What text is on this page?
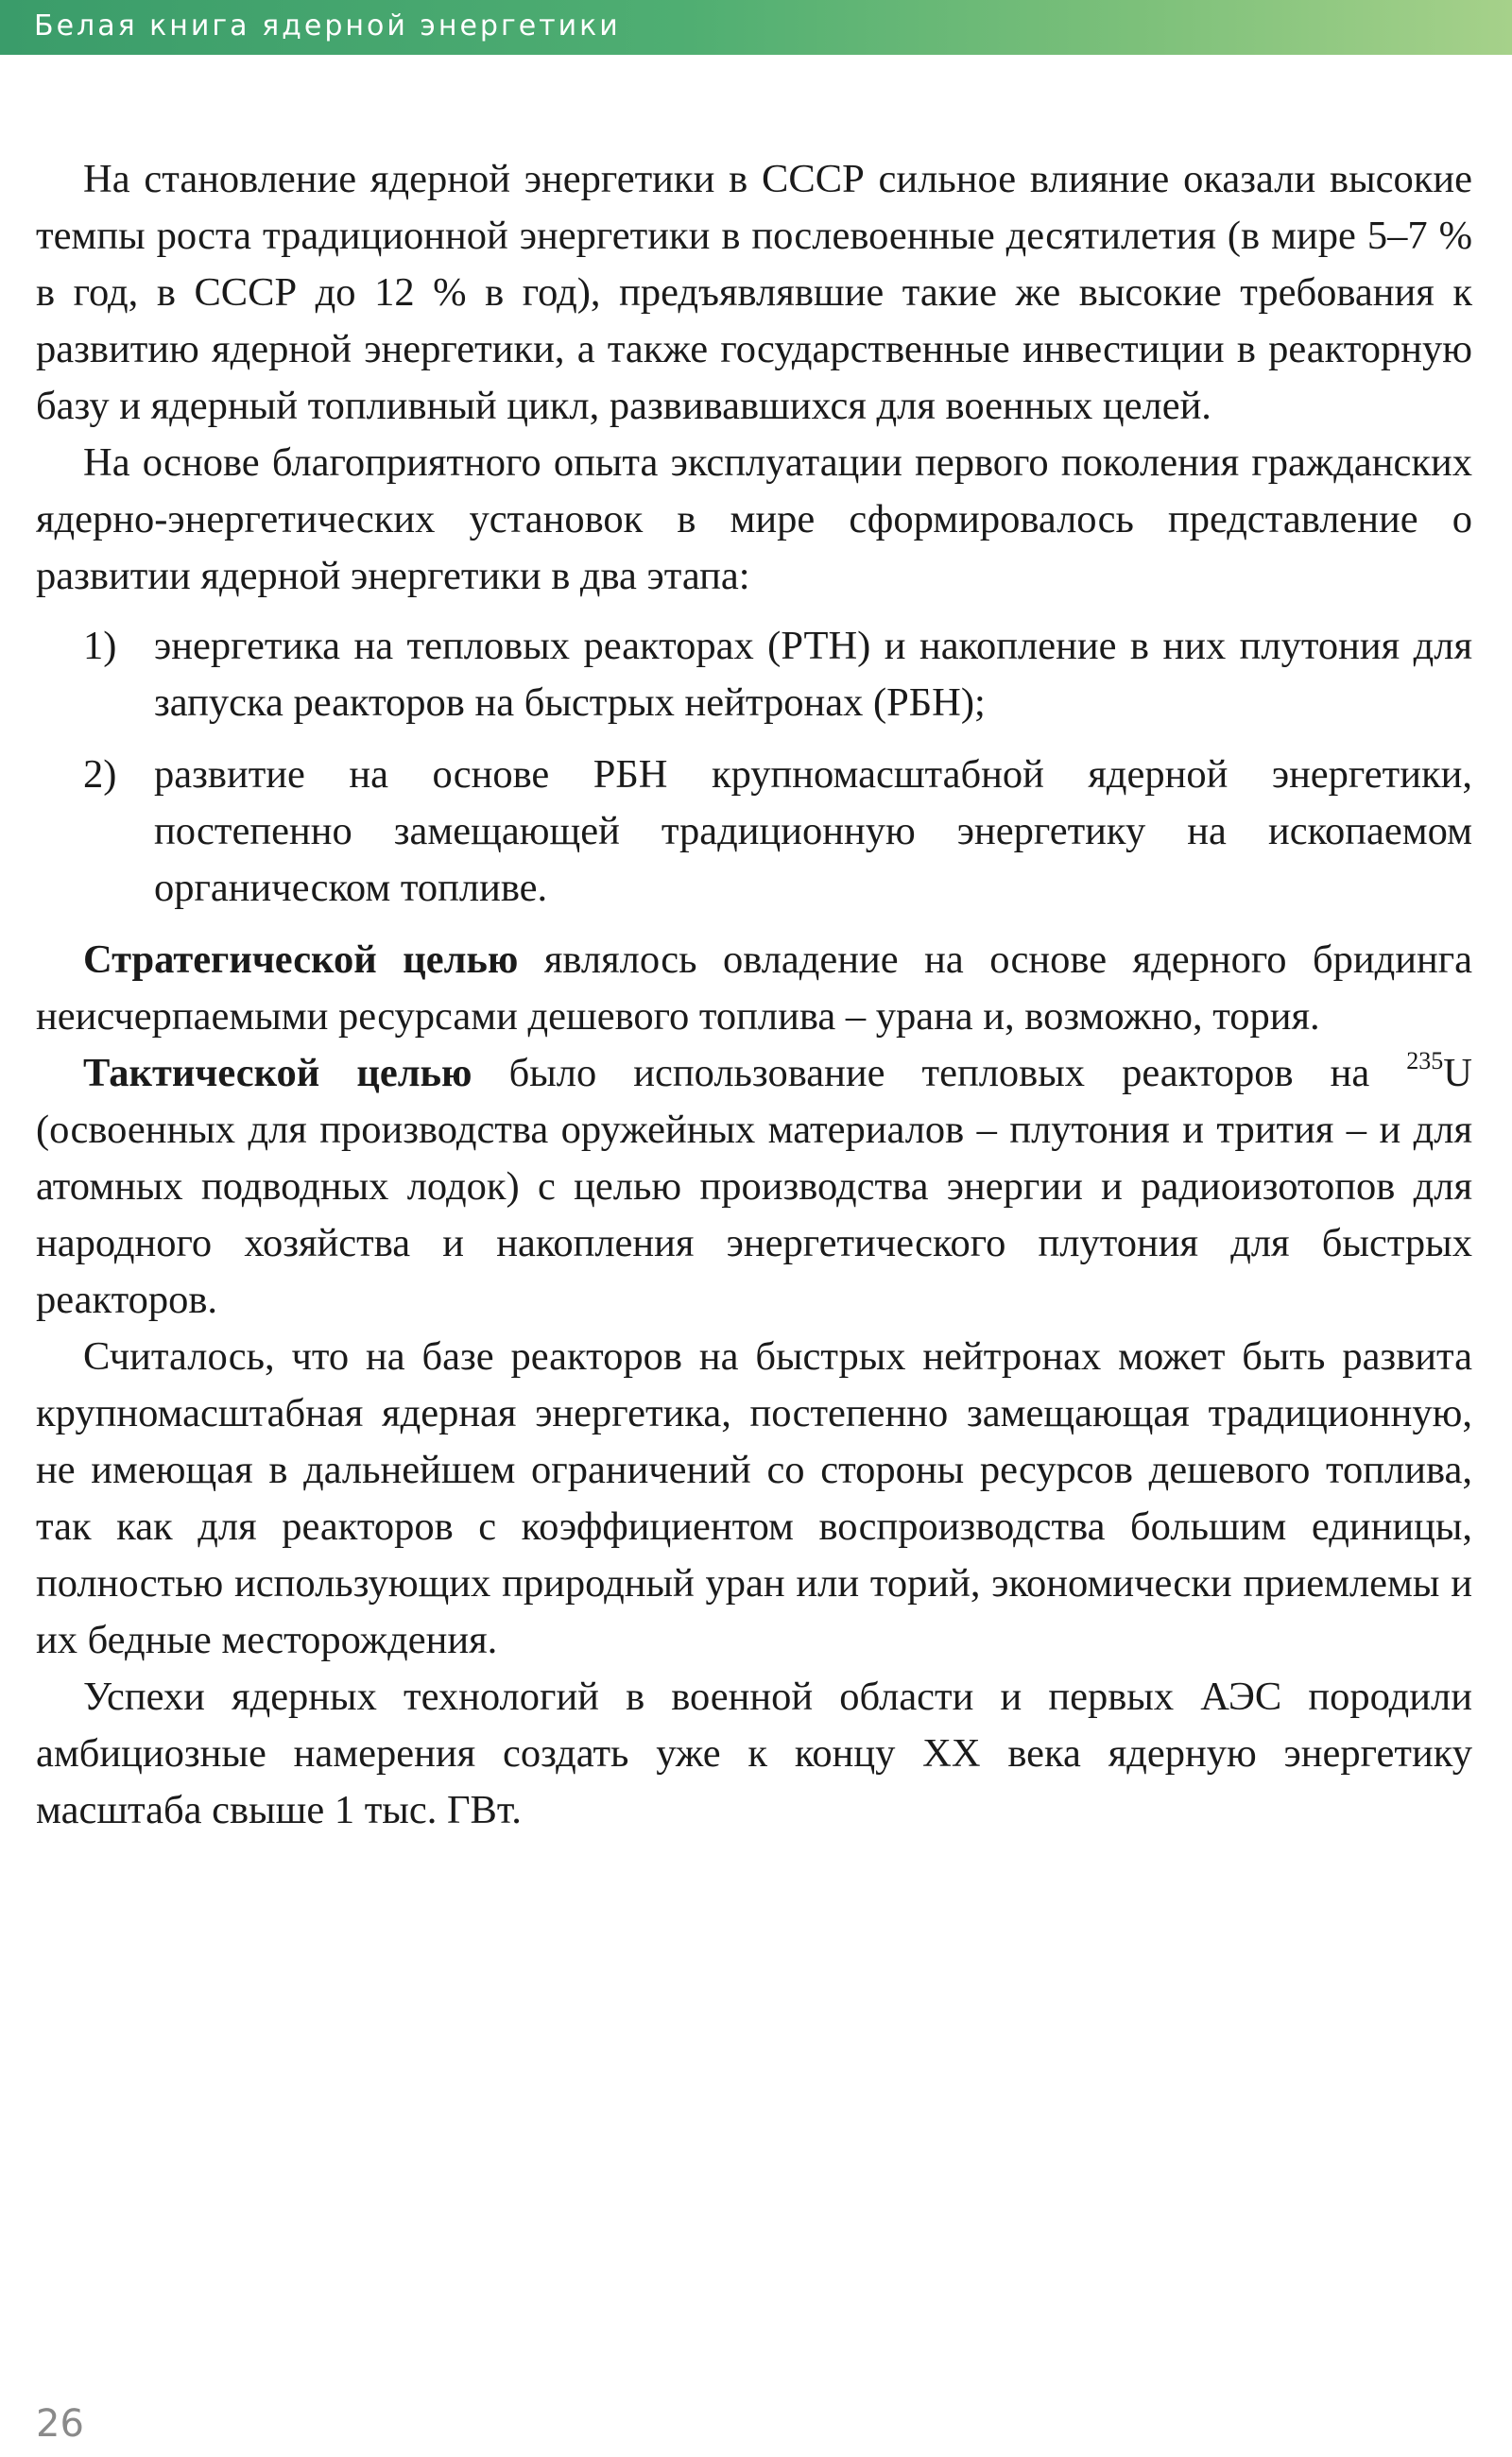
Белая книга ядерной энергетики

На становление ядерной энергетики в СССР сильное влияние оказали высокие темпы роста традиционной энергетики в послевоенные десятилетия (в мире 5–7 % в год, в СССР до 12 % в год), предъявлявшие такие же высокие требования к развитию ядерной энергетики, а также государственные инвестиции в реакторную базу и ядерный топливный цикл, развивавшихся для военных целей.

На основе благоприятного опыта эксплуатации первого поколения гражданских ядерно-энергетических установок в мире сформировалось представление о развитии ядерной энергетики в два этапа:

1) энергетика на тепловых реакторах (РТН) и накопление в них плутония для запуска реакторов на быстрых нейтронах (РБН);
2) развитие на основе РБН крупномасштабной ядерной энергетики, постепенно замещающей традиционную энергетику на ископаемом органическом топливе.

Стратегической целью являлось овладение на основе ядерного бридинга неисчерпаемыми ресурсами дешевого топлива – урана и, возможно, тория.

Тактической целью было использование тепловых реакторов на $^{235}$U (освоенных для производства оружейных материалов – плутония и трития – и для атомных подводных лодок) с целью производства энергии и радиоизотопов для народного хозяйства и накопления энергетического плутония для быстрых реакторов.

Считалось, что на базе реакторов на быстрых нейтронах может быть развита крупномасштабная ядерная энергетика, постепенно замещающая традиционную, не имеющая в дальнейшем ограничений со стороны ресурсов дешевого топлива, так как для реакторов с коэффициентом воспроизводства большим единицы, полностью использующих природный уран или торий, экономически приемлемы и их бедные месторождения.

Успехи ядерных технологий в военной области и первых АЭС породили амбициозные намерения создать уже к концу XX века ядерную энергетику масштаба свыше 1 тыс. ГВт.

26
